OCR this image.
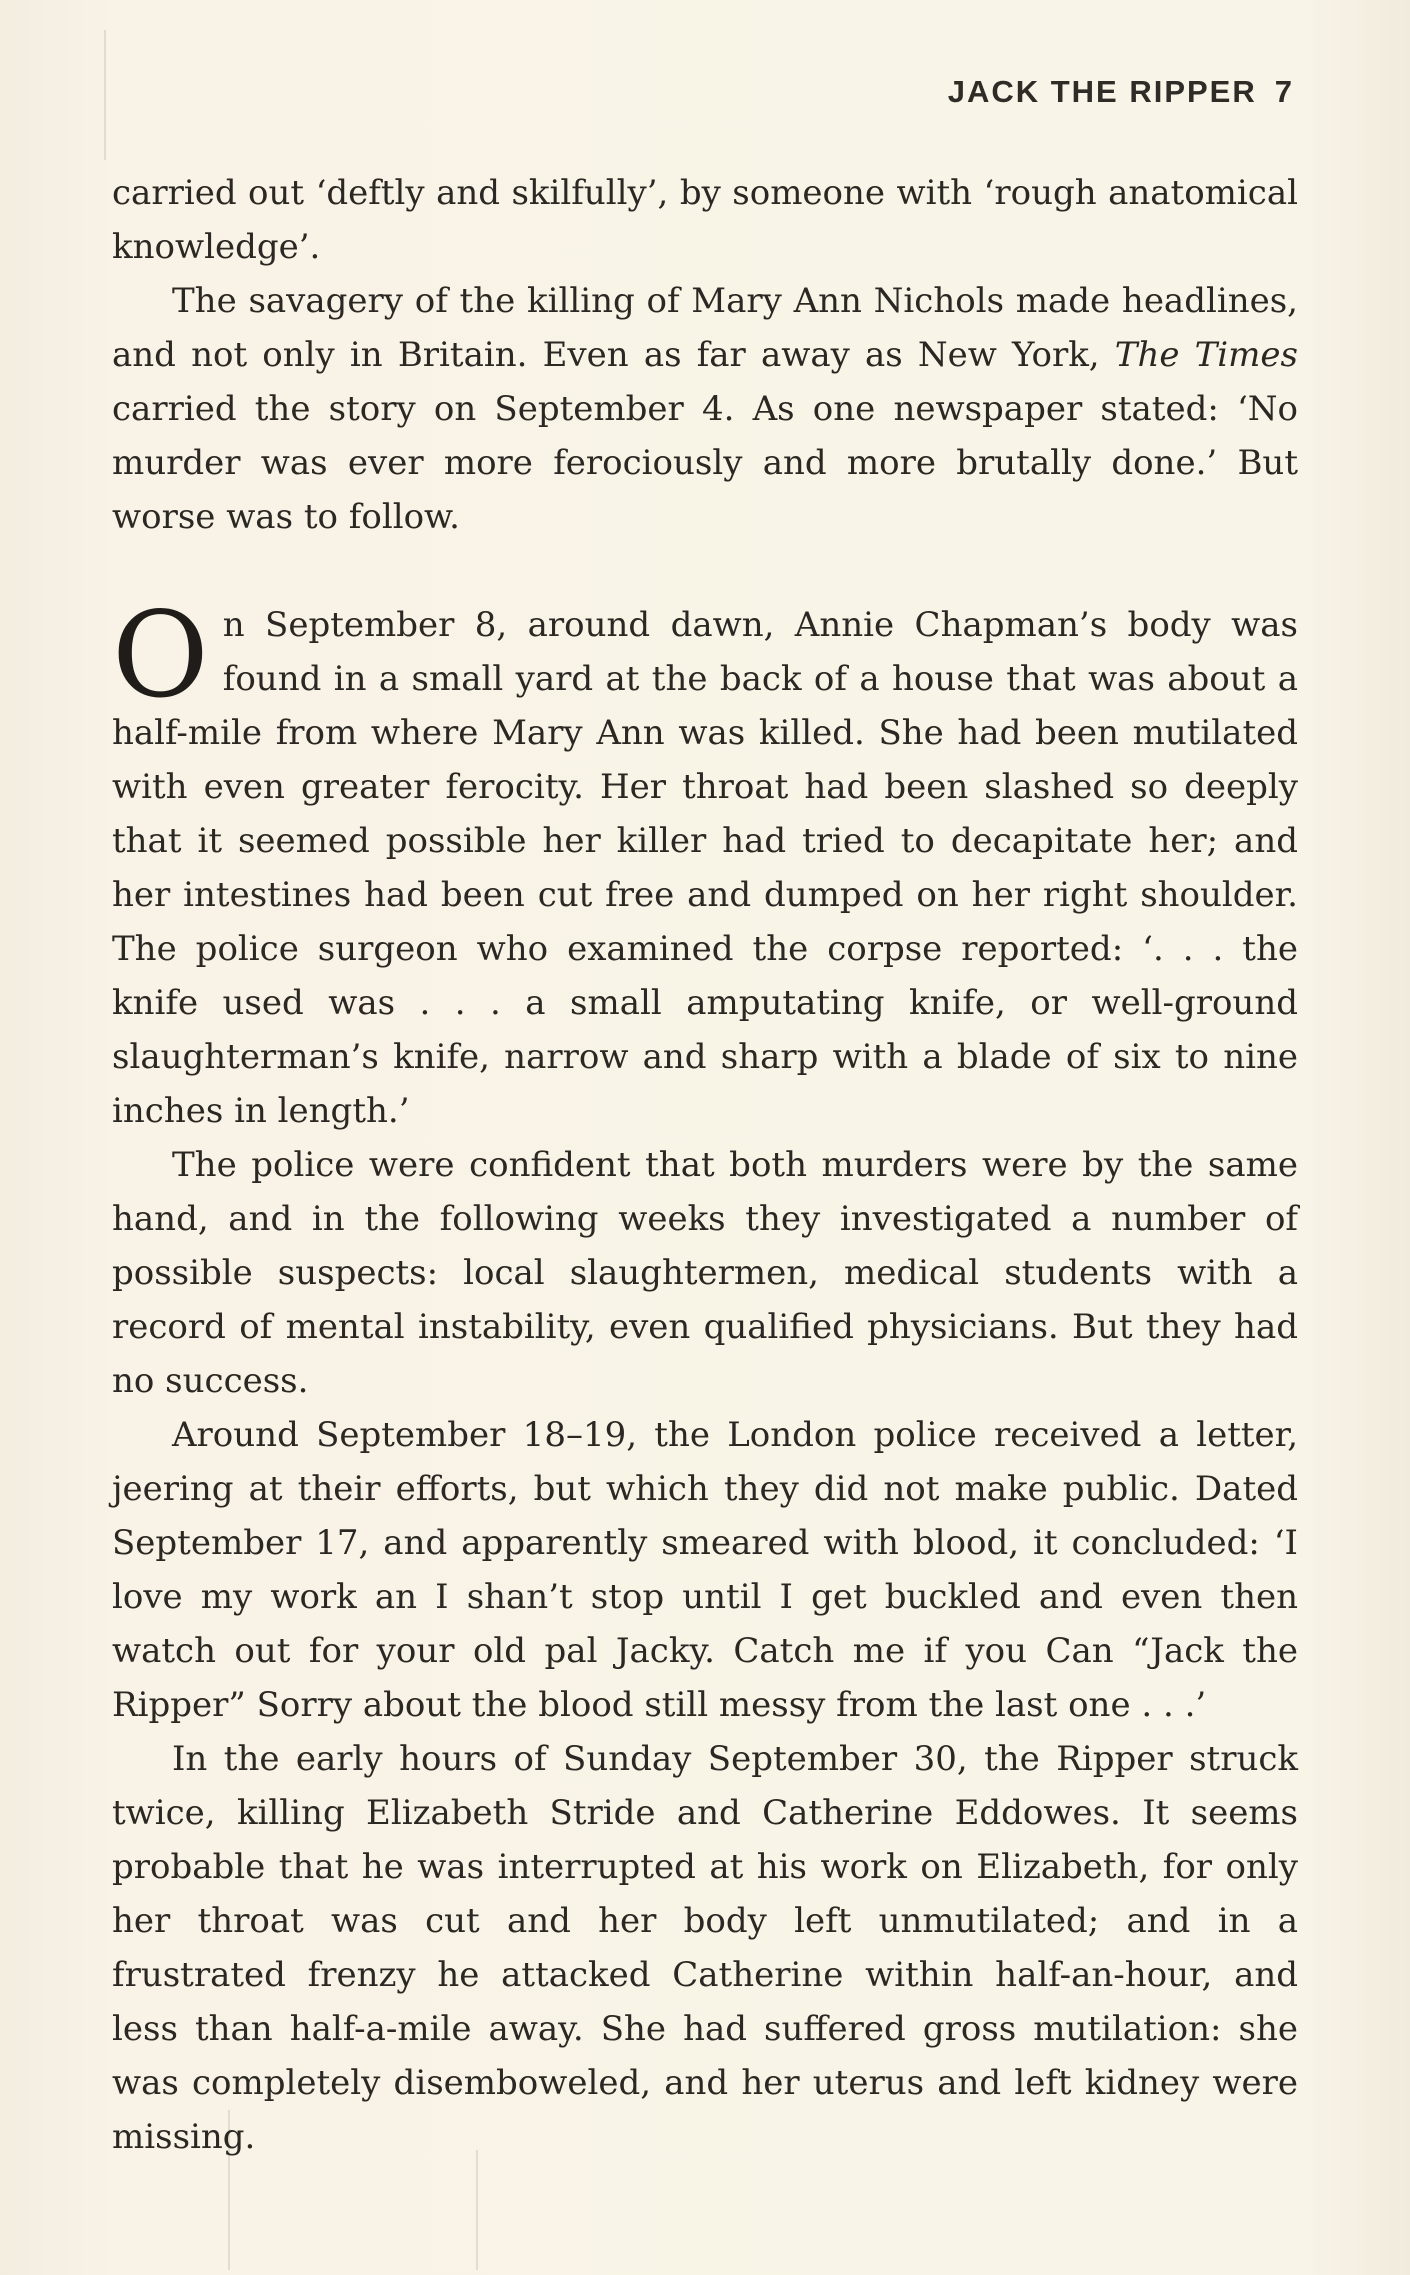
JACK THE RIPPER 7

carried out ‘deftly and skilfully’, by someone with ‘rough anatomical knowledge’.

The savagery of the killing of Mary Ann Nichols made headlines, and not only in Britain. Even as far away as New York, The Times carried the story on September 4. As one newspaper stated: ‘No murder was ever more ferociously and more brutally done.’ But worse was to follow.

On September 8, around dawn, Annie Chapman’s body was found in a small yard at the back of a house that was about a half-mile from where Mary Ann was killed. She had been mutilated with even greater ferocity. Her throat had been slashed so deeply that it seemed possible her killer had tried to decapitate her; and her intestines had been cut free and dumped on her right shoulder. The police surgeon who examined the corpse reported: ‘. . . the knife used was . . . a small amputating knife, or well-ground slaughterman’s knife, narrow and sharp with a blade of six to nine inches in length.’

The police were confident that both murders were by the same hand, and in the following weeks they investigated a number of possible suspects: local slaughtermen, medical students with a record of mental instability, even qualified physicians. But they had no success.

Around September 18–19, the London police received a letter, jeering at their efforts, but which they did not make public. Dated September 17, and apparently smeared with blood, it concluded: ‘I love my work an I shan’t stop until I get buckled and even then watch out for your old pal Jacky. Catch me if you Can “Jack the Ripper” Sorry about the blood still messy from the last one . . .’

In the early hours of Sunday September 30, the Ripper struck twice, killing Elizabeth Stride and Catherine Eddowes. It seems probable that he was interrupted at his work on Elizabeth, for only her throat was cut and her body left unmutilated; and in a frustrated frenzy he attacked Catherine within half-an-hour, and less than half-a-mile away. She had suffered gross mutilation: she was completely disemboweled, and her uterus and left kidney were missing.
